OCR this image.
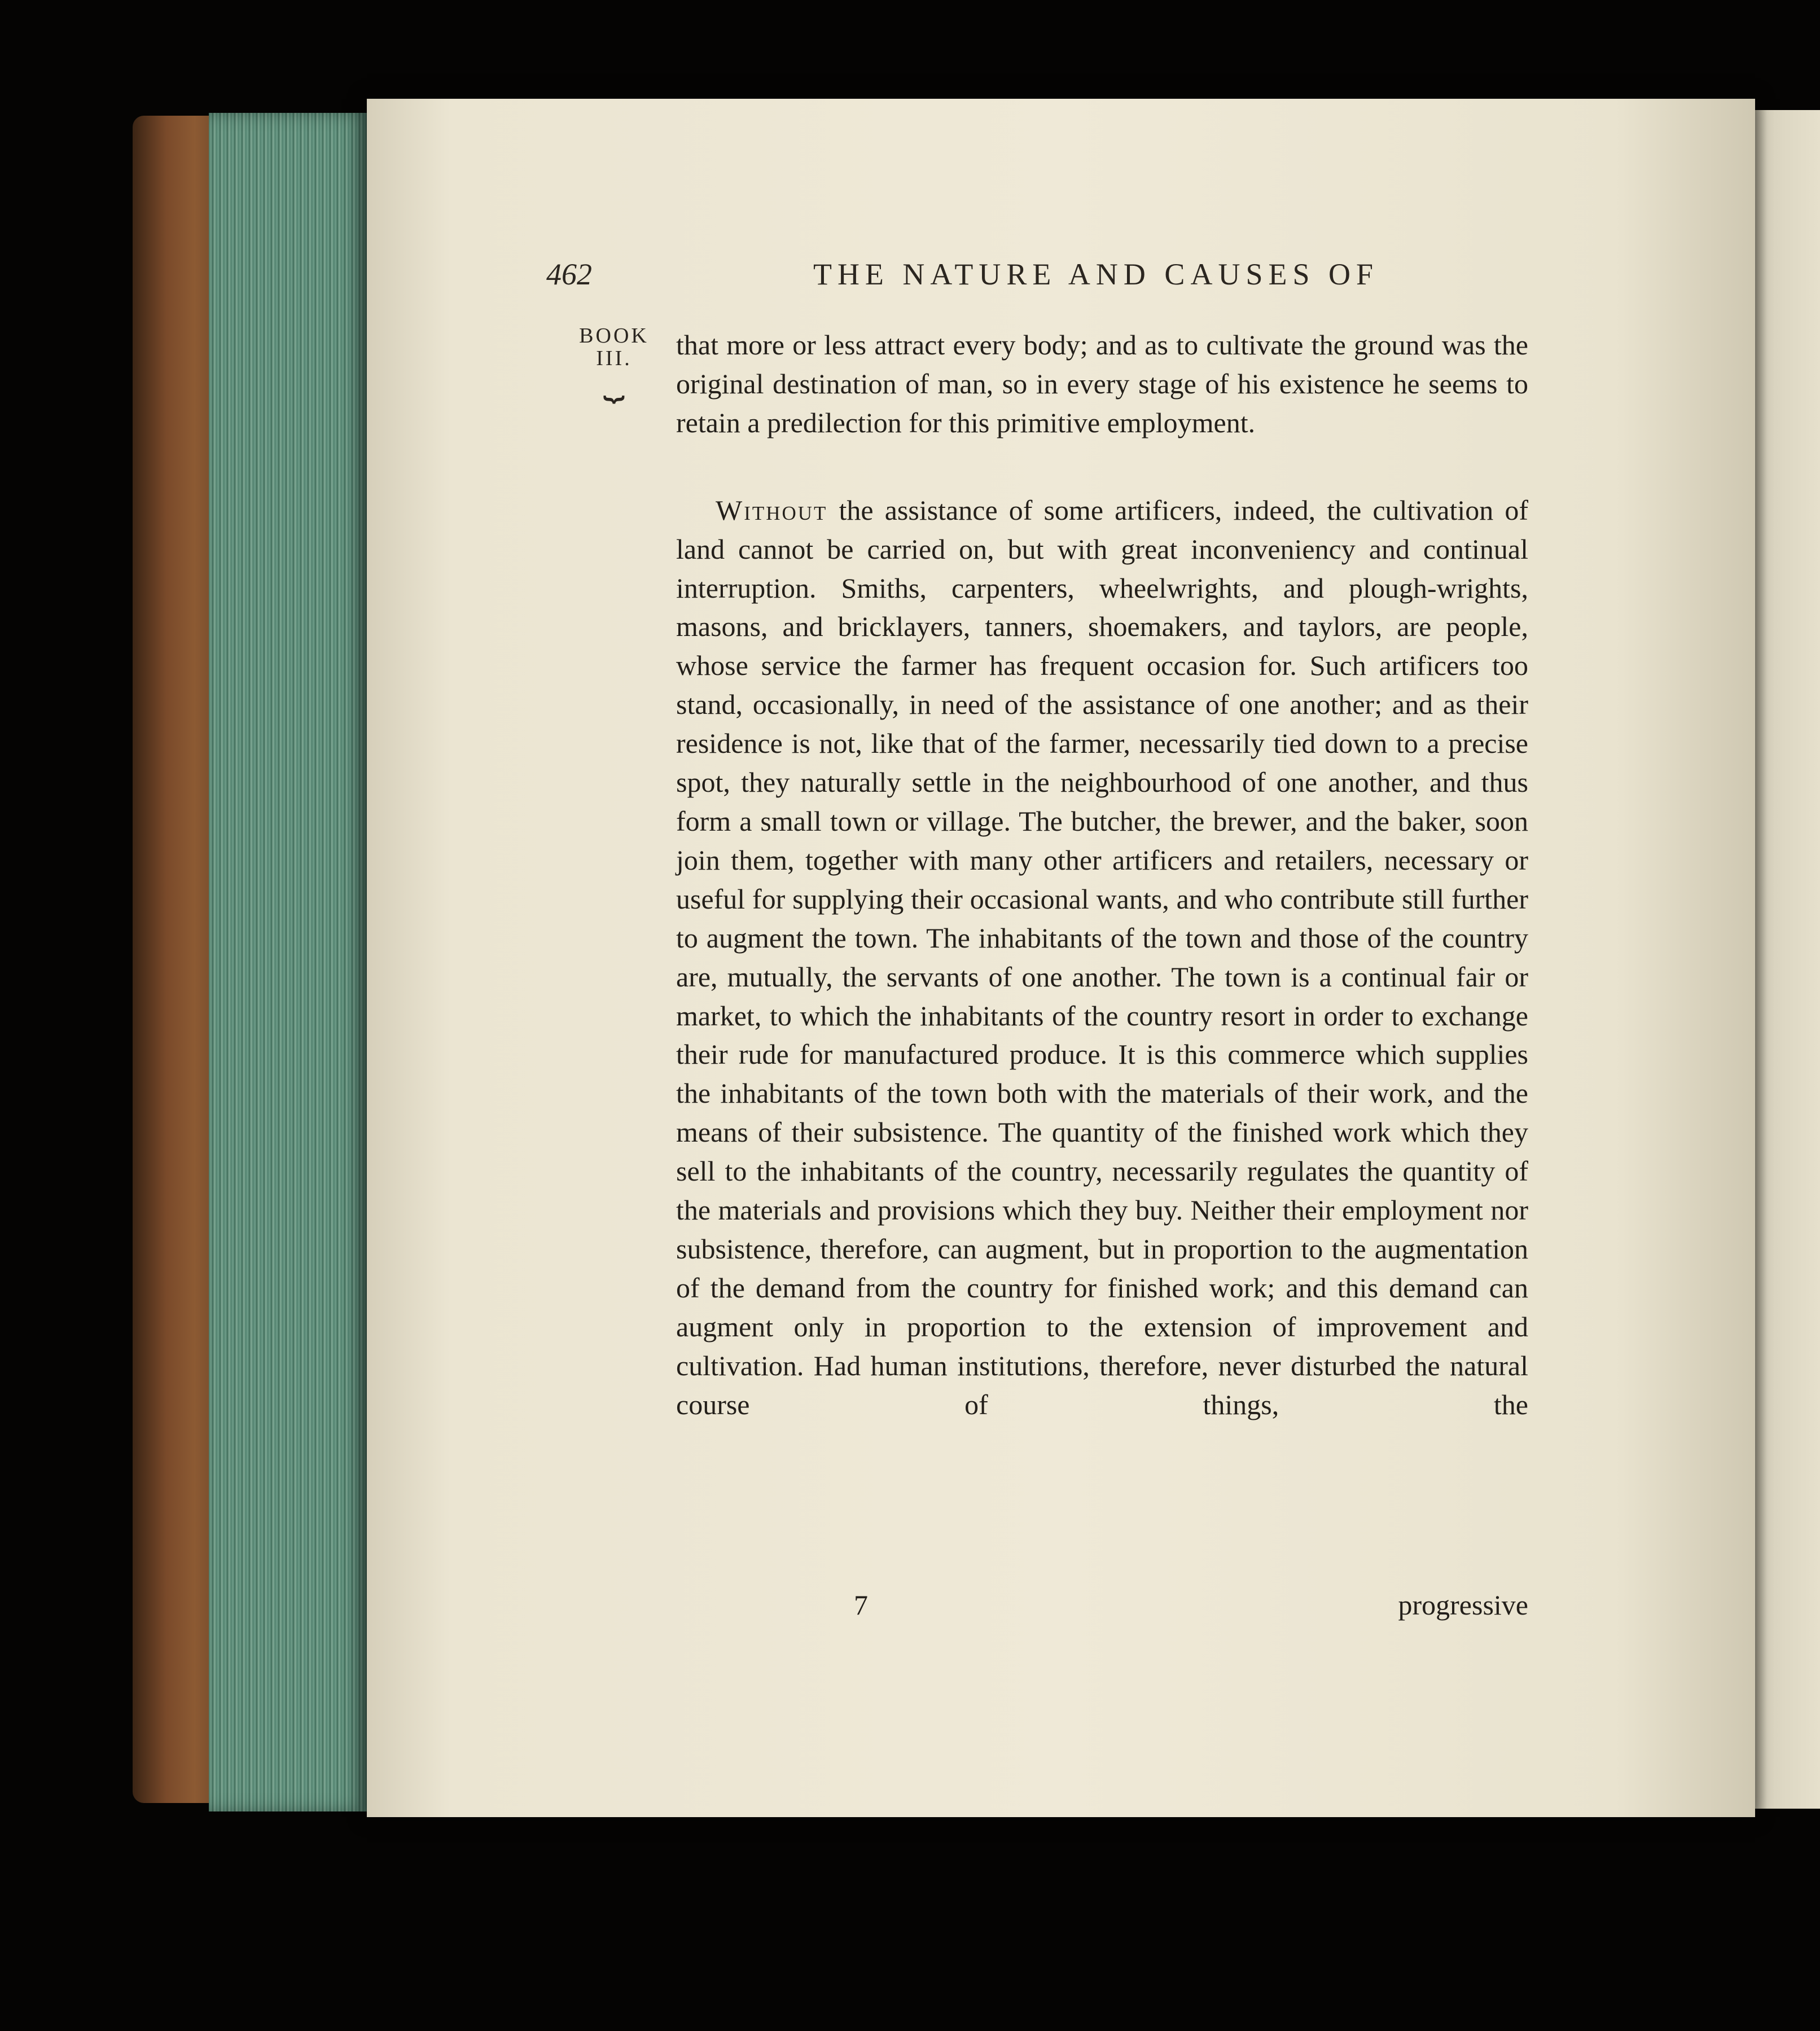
462	THE NATURE AND CAUSES OF
BOOK
III.
⏟

that more or less attract every body; and as to cultivate the ground was the original destination of man, so in every stage of his existence he seems to retain a predilection for this primitive employment.

Without the assistance of some artificers, indeed, the cultivation of land cannot be carried on, but with great inconveniency and continual interruption. Smiths, carpenters, wheelwrights, and plough-wrights, masons, and bricklayers, tanners, shoemakers, and taylors, are people, whose service the farmer has frequent occasion for. Such artificers too stand, occasionally, in need of the assistance of one another; and as their residence is not, like that of the farmer, necessarily tied down to a precise spot, they naturally settle in the neighbourhood of one another, and thus form a small town or village. The butcher, the brewer, and the baker, soon join them, together with many other artificers and retailers, necessary or useful for supplying their occasional wants, and who contribute still further to augment the town. The inhabitants of the town and those of the country are, mutually, the servants of one another. The town is a continual fair or market, to which the inhabitants of the country resort in order to exchange their rude for manufactured produce. It is this commerce which supplies the inhabitants of the town both with the materials of their work, and the means of their subsistence. The quantity of the finished work which they sell to the inhabitants of the country, necessarily regulates the quantity of the materials and provisions which they buy. Neither their employment nor subsistence, therefore, can augment, but in proportion to the augmentation of the demand from the country for finished work; and this demand can augment only in proportion to the extension of improvement and cultivation. Had human institutions, therefore, never disturbed the natural course of things, the

7	progressive
